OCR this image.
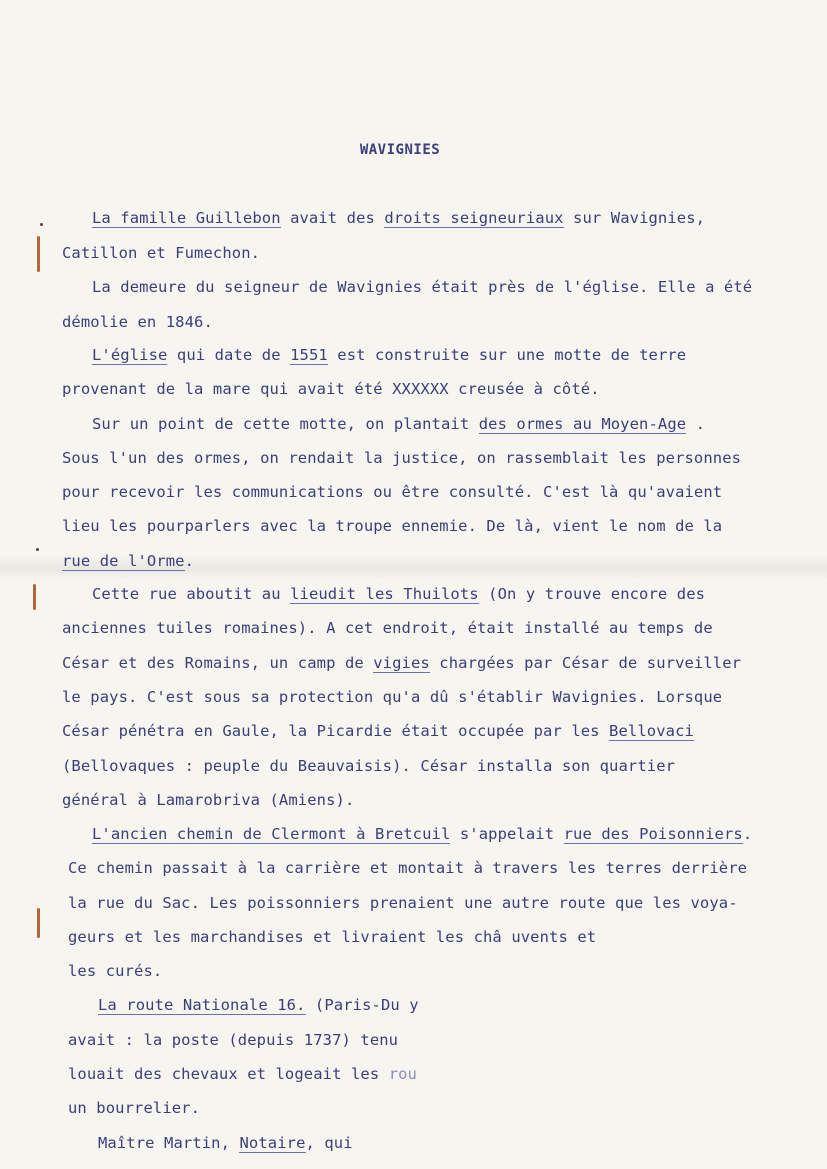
WAVIGNIES
La famille Guillebon avait des droits seigneuriaux sur Wavignies,
Catillon et Fumechon.
La demeure du seigneur de Wavignies était près de l'église. Elle a été
démolie en 1846.
L'église qui date de 1551 est construite sur une motte de terre
provenant de la mare qui avait été XXXXXX creusée à côté.
Sur un point de cette motte, on plantait des ormes au Moyen-Age .
Sous l'un des ormes, on rendait la justice, on rassemblait les personnes
pour recevoir les communications ou être consulté. C'est là qu'avaient
lieu les pourparlers avec la troupe ennemie. De là, vient le nom de la
rue de l'Orme.
Cette rue aboutit au lieudit les Thuilots (On y trouve encore des
anciennes tuiles romaines). A cet endroit, était installé au temps de
César et des Romains, un camp de vigies chargées par César de surveiller
le pays. C'est sous sa protection qu'a dû s'établir Wavignies. Lorsque
César pénétra en Gaule, la Picardie était occupée par les Bellovaci
(Bellovaques : peuple du Beauvaisis). César installa son quartier
général à Lamarobriva (Amiens).
L'ancien chemin de Clermont à Bretcuil s'appelait rue des Poisonniers.
Ce chemin passait à la carrière et montait à travers les terres derrière
la rue du Sac. Les poissonniers prenaient une autre route que les voya-
geurs et les marchandises et livraient les châ uvents et
les curés.
La route Nationale 16. (Paris-Du y
avait : la poste (depuis 1737) tenu
louait des chevaux et logeait les rou
un bourrelier.
Maître Martin, Notaire, qui
